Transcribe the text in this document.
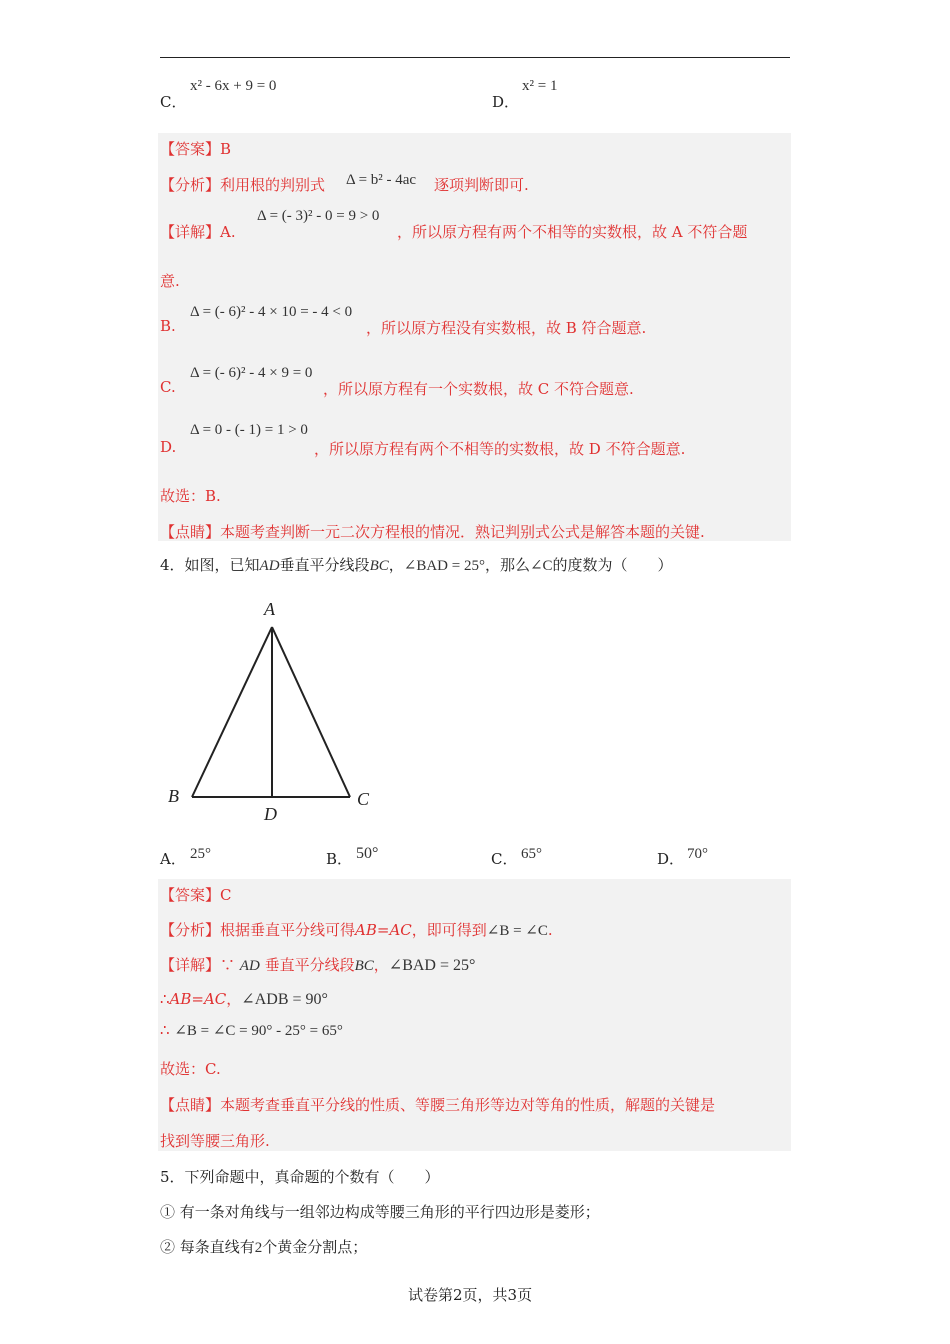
C．
x² - 6x + 9 = 0
D．
x² = 1
【答案】B
【分析】利用根的判别式 Δ = b² - 4ac 逐项判断即可.
【详解】A.
Δ = (- 3)² - 0 = 9 > 0
，所以原方程有两个不相等的实数根，故 A 不符合题
意.
B.
Δ = (- 6)² - 4 × 10 = - 4 < 0
，所以原方程没有实数根，故 B 符合题意.
C.
Δ = (- 6)² - 4 × 9 = 0
，所以原方程有一个实数根，故 C 不符合题意.
D.
Δ = 0 - (- 1) = 1 > 0
，所以原方程有两个不相等的实数根，故 D 不符合题意.
故选：B.
【点睛】本题考查判断一元二次方程根的情况．熟记判别式公式是解答本题的关键.
4．如图，已知AD垂直平分线段BC，∠BAD = 25°，那么∠C的度数为（　　）
A
B	C
D
A． 25°	B． 50°	C． 65°	D． 70°
【答案】C
【分析】根据垂直平分线可得AB=AC，即可得到∠B = ∠C.
【详解】∵ AD 垂直平分线段BC，∠BAD = 25°
∴AB=AC，∠ADB = 90°
∴ ∠B = ∠C = 90° - 25° = 65°
故选：C.
【点睛】本题考查垂直平分线的性质、等腰三角形等边对等角的性质，解题的关键是
找到等腰三角形.
5．下列命题中，真命题的个数有（　　）
① 有一条对角线与一组邻边构成等腰三角形的平行四边形是菱形；
② 每条直线有2个黄金分割点；
试卷第2页，共3页
